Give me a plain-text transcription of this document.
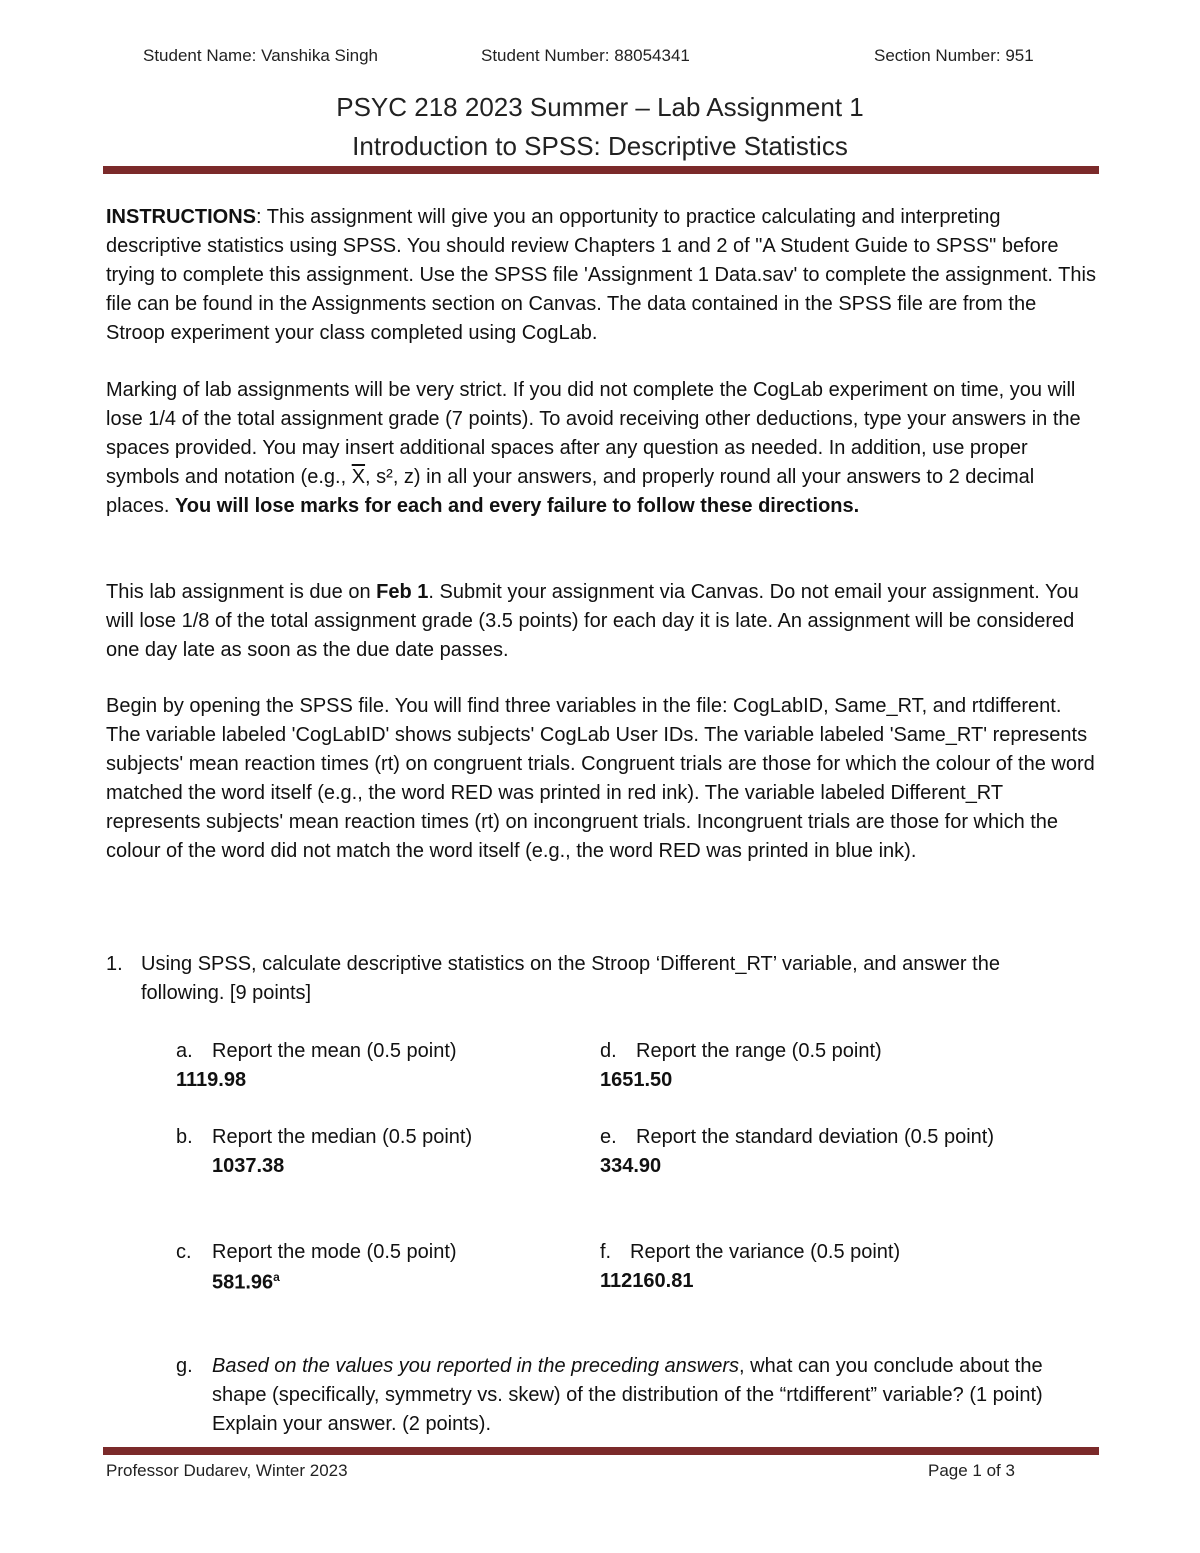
Student Name: Vanshika Singh	Student Number: 88054341	Section Number: 951
PSYC 218 2023 Summer – Lab Assignment 1
Introduction to SPSS: Descriptive Statistics
INSTRUCTIONS: This assignment will give you an opportunity to practice calculating and interpreting descriptive statistics using SPSS. You should review Chapters 1 and 2 of "A Student Guide to SPSS" before trying to complete this assignment. Use the SPSS file 'Assignment 1 Data.sav' to complete the assignment. This file can be found in the Assignments section on Canvas. The data contained in the SPSS file are from the Stroop experiment your class completed using CogLab.
Marking of lab assignments will be very strict. If you did not complete the CogLab experiment on time, you will lose 1/4 of the total assignment grade (7 points). To avoid receiving other deductions, type your answers in the spaces provided. You may insert additional spaces after any question as needed. In addition, use proper symbols and notation (e.g., $\overline{X}$, s², z) in all your answers, and properly round all your answers to 2 decimal places. You will lose marks for each and every failure to follow these directions.
This lab assignment is due on Feb 1. Submit your assignment via Canvas. Do not email your assignment. You will lose 1/8 of the total assignment grade (3.5 points) for each day it is late. An assignment will be considered one day late as soon as the due date passes.
Begin by opening the SPSS file. You will find three variables in the file: CogLabID, Same_RT, and rtdifferent. The variable labeled 'CogLabID' shows subjects' CogLab User IDs. The variable labeled 'Same_RT' represents subjects' mean reaction times (rt) on congruent trials. Congruent trials are those for which the colour of the word matched the word itself (e.g., the word RED was printed in red ink). The variable labeled Different_RT represents subjects' mean reaction times (rt) on incongruent trials. Incongruent trials are those for which the colour of the word did not match the word itself (e.g., the word RED was printed in blue ink).
1. Using SPSS, calculate descriptive statistics on the Stroop ‘Different_RT’ variable, and answer the following. [9 points]
a. Report the mean (0.5 point)
1119.98
b. Report the median (0.5 point)
1037.38
c. Report the mode (0.5 point)
581.96$^a$
d. Report the range (0.5 point)
1651.50
e. Report the standard deviation (0.5 point)
334.90
f. Report the variance (0.5 point)
112160.81
g. Based on the values you reported in the preceding answers, what can you conclude about the shape (specifically, symmetry vs. skew) of the distribution of the “rtdifferent” variable? (1 point) Explain your answer. (2 points).
Professor Dudarev, Winter 2023	Page 1 of 3
